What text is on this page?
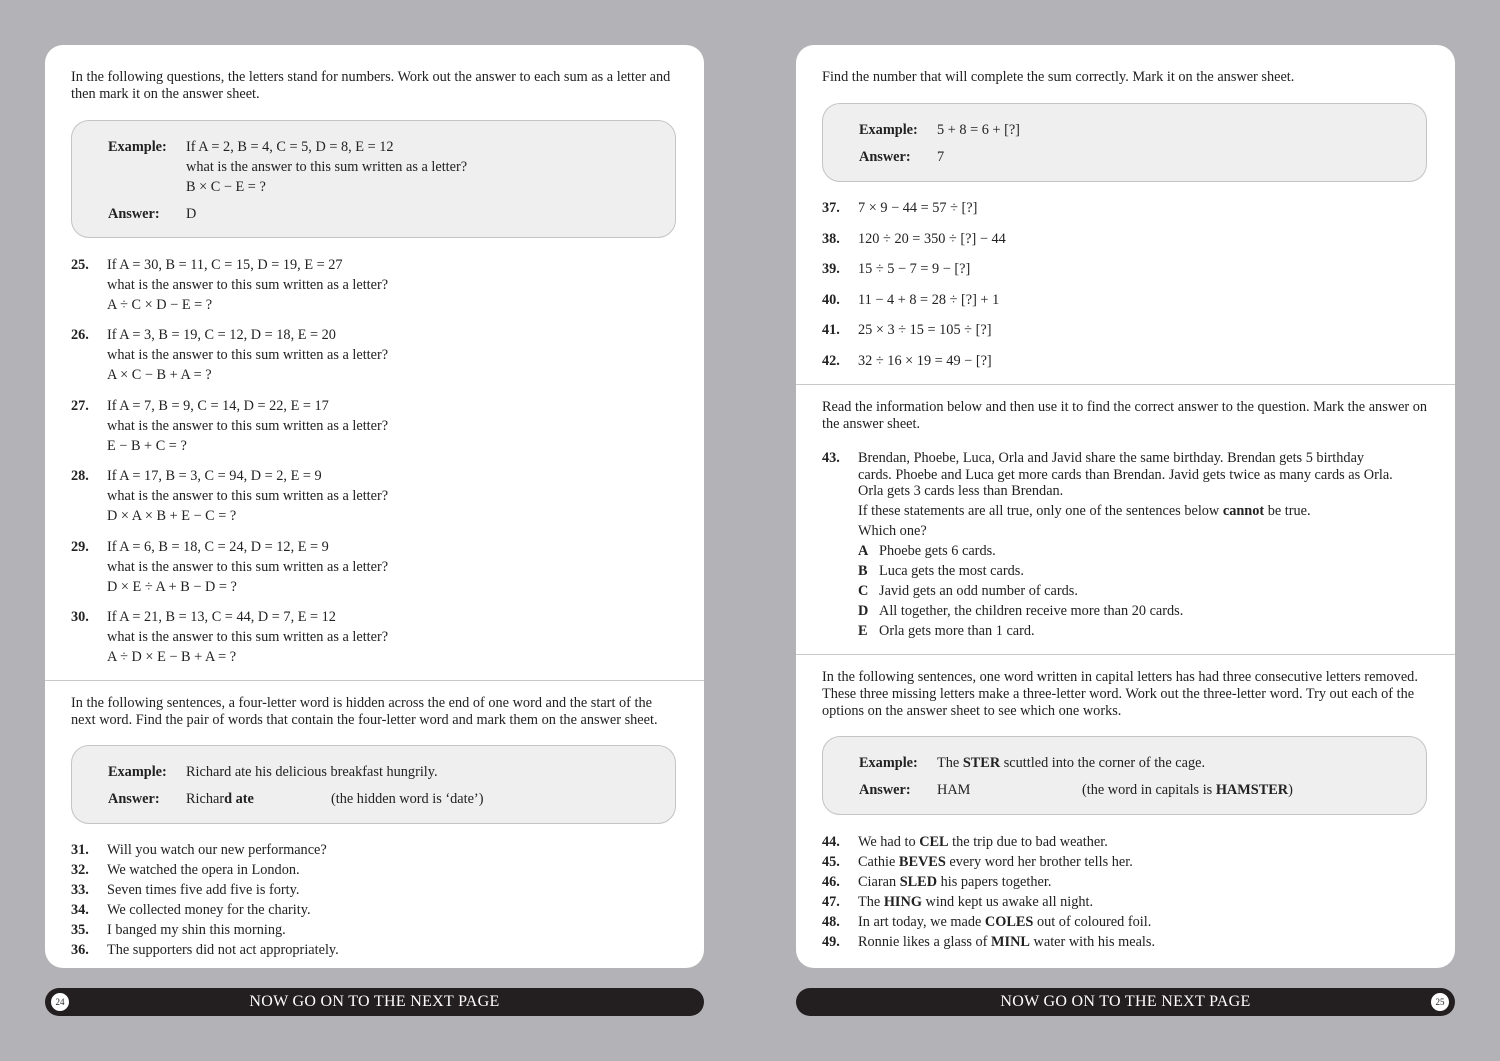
In the following questions, the letters stand for numbers. Work out the answer to each sum as a letter and then mark it on the answer sheet.
Example: If A = 2, B = 4, C = 5, D = 8, E = 12
what is the answer to this sum written as a letter?
B × C − E = ?
Answer: D
25. If A = 30, B = 11, C = 15, D = 19, E = 27
what is the answer to this sum written as a letter?
A ÷ C × D − E = ?
26. If A = 3, B = 19, C = 12, D = 18, E = 20
what is the answer to this sum written as a letter?
A × C − B + A = ?
27. If A = 7, B = 9, C = 14, D = 22, E = 17
what is the answer to this sum written as a letter?
E − B + C = ?
28. If A = 17, B = 3, C = 94, D = 2, E = 9
what is the answer to this sum written as a letter?
D × A × B + E − C = ?
29. If A = 6, B = 18, C = 24, D = 12, E = 9
what is the answer to this sum written as a letter?
D × E ÷ A + B − D = ?
30. If A = 21, B = 13, C = 44, D = 7, E = 12
what is the answer to this sum written as a letter?
A ÷ D × E − B + A = ?
In the following sentences, a four-letter word is hidden across the end of one word and the start of the next word. Find the pair of words that contain the four-letter word and mark them on the answer sheet.
Example: Richard ate his delicious breakfast hungrily.
Answer: Richard ate	(the hidden word is ‘date’)
31. Will you watch our new performance?
32. We watched the opera in London.
33. Seven times five add five is forty.
34. We collected money for the charity.
35. I banged my shin this morning.
36. The supporters did not act appropriately.
Find the number that will complete the sum correctly. Mark it on the answer sheet.
Example: 5 + 8 = 6 + [?]
Answer: 7
37. 7 × 9 − 44 = 57 ÷ [?]
38. 120 ÷ 20 = 350 ÷ [?] − 44
39. 15 ÷ 5 − 7 = 9 − [?]
40. 11 − 4 + 8 = 28 ÷ [?] + 1
41. 25 × 3 ÷ 15 = 105 ÷ [?]
42. 32 ÷ 16 × 19 = 49 − [?]
Read the information below and then use it to find the correct answer to the question. Mark the answer on the answer sheet.
43. Brendan, Phoebe, Luca, Orla and Javid share the same birthday. Brendan gets 5 birthday
cards. Phoebe and Luca get more cards than Brendan. Javid gets twice as many cards as Orla.
Orla gets 3 cards less than Brendan.
If these statements are all true, only one of the sentences below cannot be true.
Which one?
A Phoebe gets 6 cards.
B Luca gets the most cards.
C Javid gets an odd number of cards.
D All together, the children receive more than 20 cards.
E Orla gets more than 1 card.
In the following sentences, one word written in capital letters has had three consecutive letters removed. These three missing letters make a three-letter word. Work out the three-letter word. Try out each of the options on the answer sheet to see which one works.
Example: The STER scuttled into the corner of the cage.
Answer: HAM	(the word in capitals is HAMSTER)
44. We had to CEL the trip due to bad weather.
45. Cathie BEVES every word her brother tells her.
46. Ciaran SLED his papers together.
47. The HING wind kept us awake all night.
48. In art today, we made COLES out of coloured foil.
49. Ronnie likes a glass of MINL water with his meals.
24	NOW GO ON TO THE NEXT PAGE	NOW GO ON TO THE NEXT PAGE	25
